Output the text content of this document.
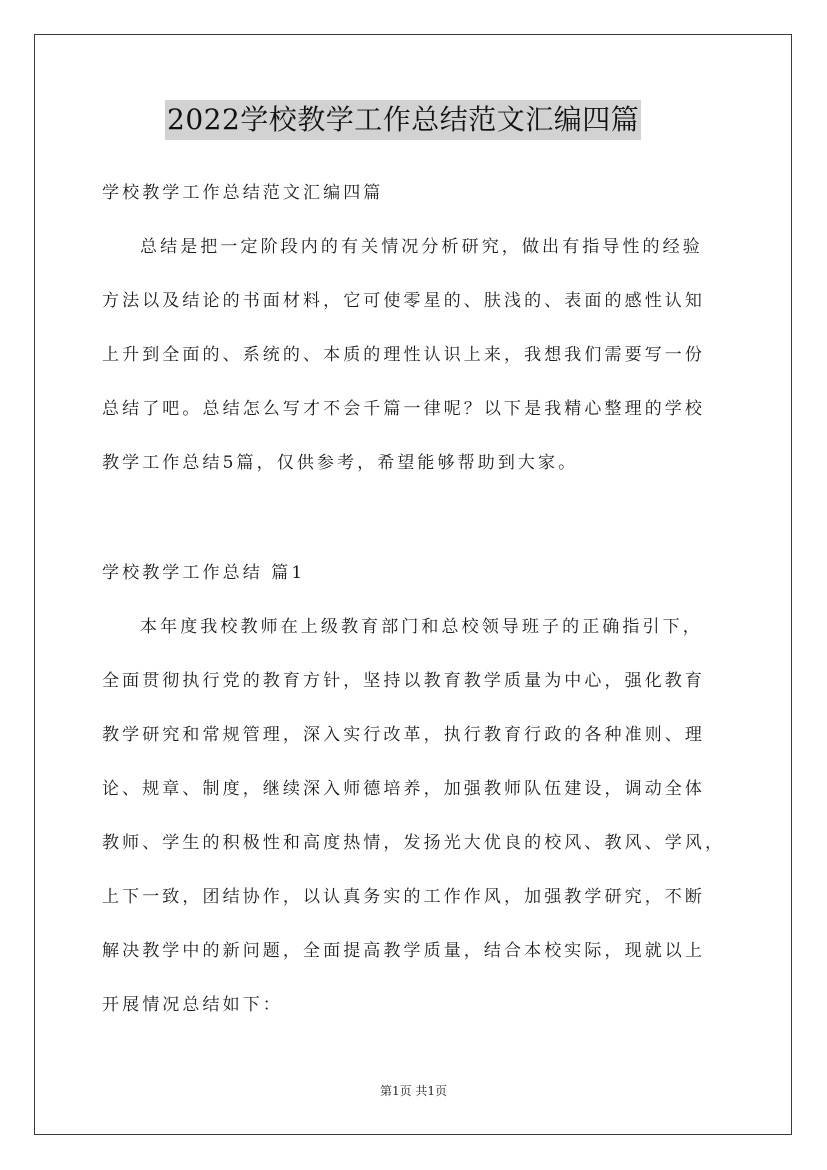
2022学校教学工作总结范文汇编四篇
学校教学工作总结范文汇编四篇
总结是把一定阶段内的有关情况分析研究，做出有指导性的经验
方法以及结论的书面材料，它可使零星的、肤浅的、表面的感性认知
上升到全面的、系统的、本质的理性认识上来，我想我们需要写一份
总结了吧。总结怎么写才不会千篇一律呢？以下是我精心整理的学校
教学工作总结5篇，仅供参考，希望能够帮助到大家。
学校教学工作总结 篇1
本年度我校教师在上级教育部门和总校领导班子的正确指引下，
全面贯彻执行党的教育方针，坚持以教育教学质量为中心，强化教育
教学研究和常规管理，深入实行改革，执行教育行政的各种准则、理
论、规章、制度，继续深入师德培养，加强教师队伍建设，调动全体
教师、学生的积极性和高度热情，发扬光大优良的校风、教风、学风，
上下一致，团结协作，以认真务实的工作作风，加强教学研究，不断
解决教学中的新问题，全面提高教学质量，结合本校实际，现就以上
开展情况总结如下：
第1页 共1页
